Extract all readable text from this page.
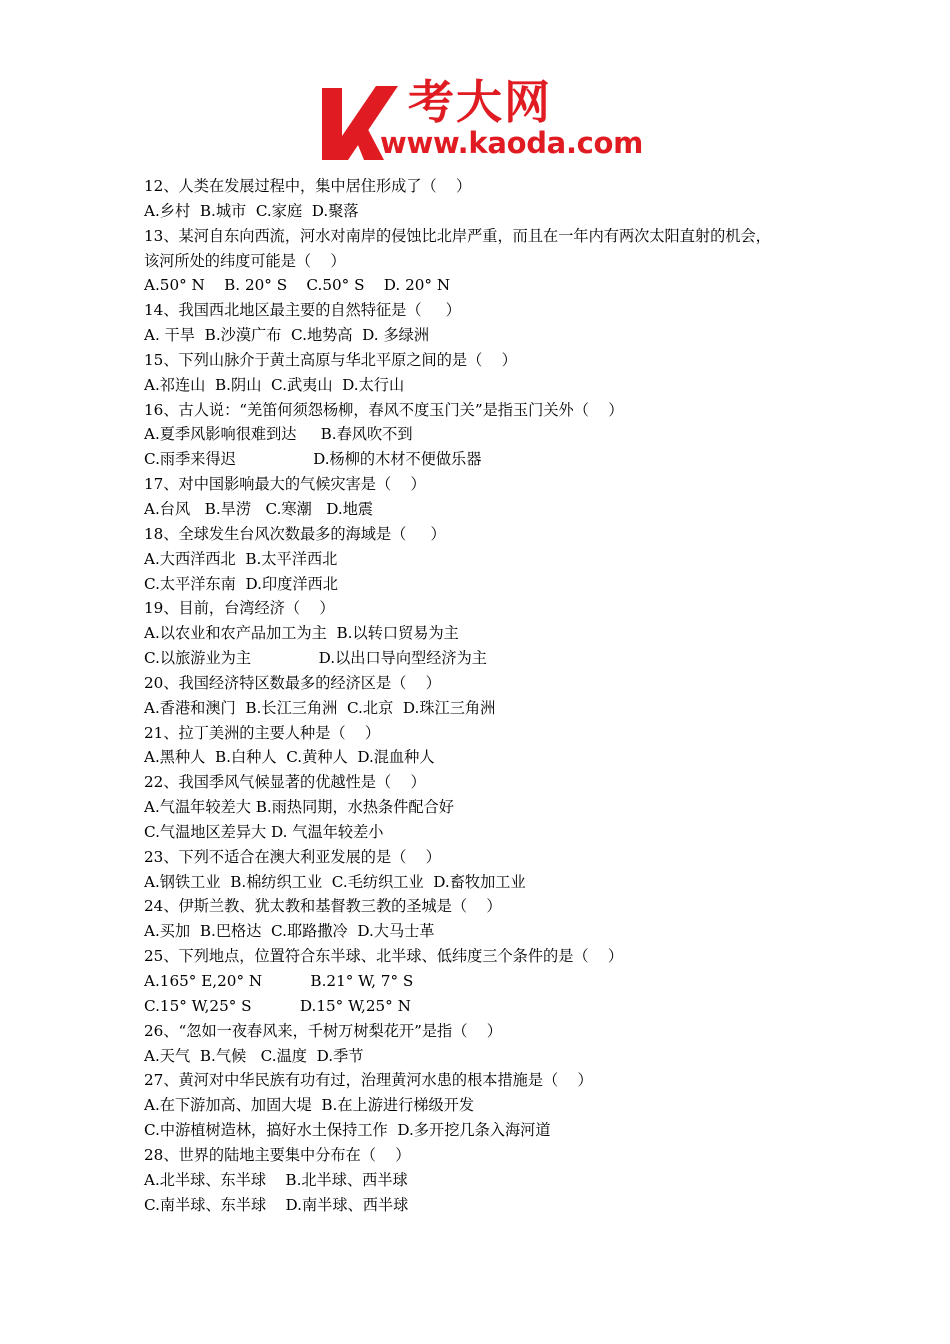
考大网
www.kaoda.com
12、人类在发展过程中，集中居住形成了（    ）
A.乡村  B.城市  C.家庭  D.聚落
13、某河自东向西流，河水对南岸的侵蚀比北岸严重，而且在一年内有两次太阳直射的机会，
该河所处的纬度可能是（    ）
A.50° N    B. 20° S    C.50° S    D. 20° N
14、我国西北地区最主要的自然特征是（     ）
A. 干旱  B.沙漠广布  C.地势高  D. 多绿洲
15、下列山脉介于黄土高原与华北平原之间的是（    ）
A.祁连山  B.阴山  C.武夷山  D.太行山
16、古人说：“羌笛何须怨杨柳，春风不度玉门关”是指玉门关外（    ）
A.夏季风影响很难到达     B.春风吹不到
C.雨季来得迟                D.杨柳的木材不便做乐器
17、对中国影响最大的气候灾害是（    ）
A.台风   B.旱涝   C.寒潮   D.地震
18、全球发生台风次数最多的海域是（     ）
A.大西洋西北  B.太平洋西北
C.太平洋东南  D.印度洋西北
19、目前，台湾经济（    ）
A.以农业和农产品加工为主  B.以转口贸易为主
C.以旅游业为主              D.以出口导向型经济为主
20、我国经济特区数最多的经济区是（    ）
A.香港和澳门  B.长江三角洲  C.北京  D.珠江三角洲
21、拉丁美洲的主要人种是（    ）
A.黑种人  B.白种人  C.黄种人  D.混血种人
22、我国季风气候显著的优越性是（    ）
A.气温年较差大 B.雨热同期，水热条件配合好
C.气温地区差异大 D. 气温年较差小
23、下列不适合在澳大利亚发展的是（    ）
A.钢铁工业  B.棉纺织工业  C.毛纺织工业  D.畜牧加工业
24、伊斯兰教、犹太教和基督教三教的圣城是（    ）
A.买加  B.巴格达  C.耶路撒冷  D.大马士革
25、下列地点，位置符合东半球、北半球、低纬度三个条件的是（    ）
A.165° E,20° N          B.21° W, 7° S
C.15° W,25° S          D.15° W,25° N
26、“忽如一夜春风来，千树万树梨花开”是指（    ）
A.天气  B.气候   C.温度  D.季节
27、黄河对中华民族有功有过，治理黄河水患的根本措施是（    ）
A.在下游加高、加固大堤  B.在上游进行梯级开发
C.中游植树造林，搞好水土保持工作  D.多开挖几条入海河道
28、世界的陆地主要集中分布在（    ）
A.北半球、东半球    B.北半球、西半球
C.南半球、东半球    D.南半球、西半球
